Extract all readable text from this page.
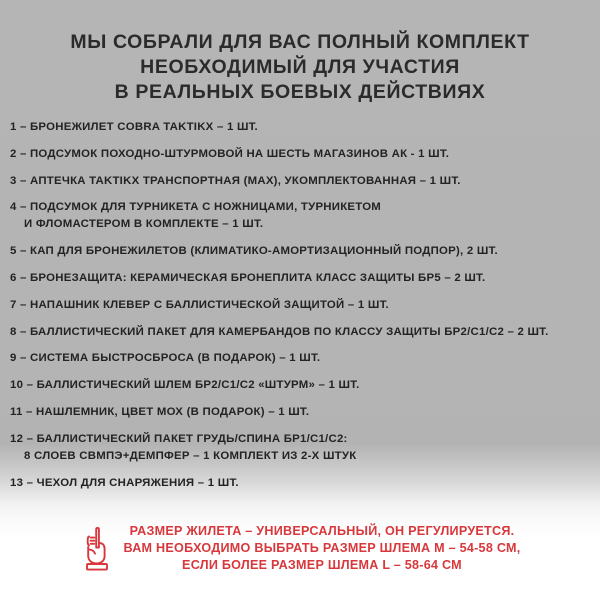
МЫ СОБРАЛИ ДЛЯ ВАС ПОЛНЫЙ КОМПЛЕКТ
НЕОБХОДИМЫЙ ДЛЯ УЧАСТИЯ
В РЕАЛЬНЫХ БОЕВЫХ ДЕЙСТВИЯХ
1 – БРОНЕЖИЛЕТ COBRA TAKTIKX – 1 ШТ.
2 – ПОДСУМОК ПОХОДНО-ШТУРМОВОЙ НА ШЕСТЬ МАГАЗИНОВ АК - 1 ШТ.
3 – АПТЕЧКА TAKTIKX ТРАНСПОРТНАЯ (MAX), УКОМПЛЕКТОВАННАЯ – 1 ШТ.
4 – ПОДСУМОК ДЛЯ ТУРНИКЕТА С НОЖНИЦАМИ, ТУРНИКЕТОМ
И ФЛОМАСТЕРОМ В КОМПЛЕКТЕ – 1 ШТ.
5 – КАП ДЛЯ БРОНЕЖИЛЕТОВ (КЛИМАТИКО-АМОРТИЗАЦИОННЫЙ ПОДПОР), 2 ШТ.
6 – БРОНЕЗАЩИТА: КЕРАМИЧЕСКАЯ БРОНЕПЛИТА КЛАСС ЗАЩИТЫ БР5 – 2 ШТ.
7 – НАПАШНИК КЛЕВЕР С БАЛЛИСТИЧЕСКОЙ ЗАЩИТОЙ – 1 ШТ.
8 – БАЛЛИСТИЧЕСКИЙ ПАКЕТ ДЛЯ КАМЕРБАНДОВ ПО КЛАССУ ЗАЩИТЫ БР2/С1/С2 – 2 ШТ.
9 – СИСТЕМА БЫСТРОСБРОСА (В ПОДАРОК) – 1 ШТ.
10 – БАЛЛИСТИЧЕСКИЙ ШЛЕМ БР2/С1/С2 «ШТУРМ» – 1 ШТ.
11 – НАШЛЕМНИК, ЦВЕТ МОХ (В ПОДАРОК) – 1 ШТ.
12 – БАЛЛИСТИЧЕСКИЙ ПАКЕТ ГРУДЬ/СПИНА БР1/С1/С2:
8 СЛОЕВ СВМПЭ+ДЕМПФЕР – 1 КОМПЛЕКТ ИЗ 2-Х ШТУК
13 – ЧЕХОЛ ДЛЯ СНАРЯЖЕНИЯ – 1 ШТ.
РАЗМЕР ЖИЛЕТА – УНИВЕРСАЛЬНЫЙ, ОН РЕГУЛИРУЕТСЯ.
ВАМ НЕОБХОДИМО ВЫБРАТЬ РАЗМЕР ШЛЕМА M – 54-58 СМ,
ЕСЛИ БОЛЕЕ РАЗМЕР ШЛЕМА L – 58-64 СМ
